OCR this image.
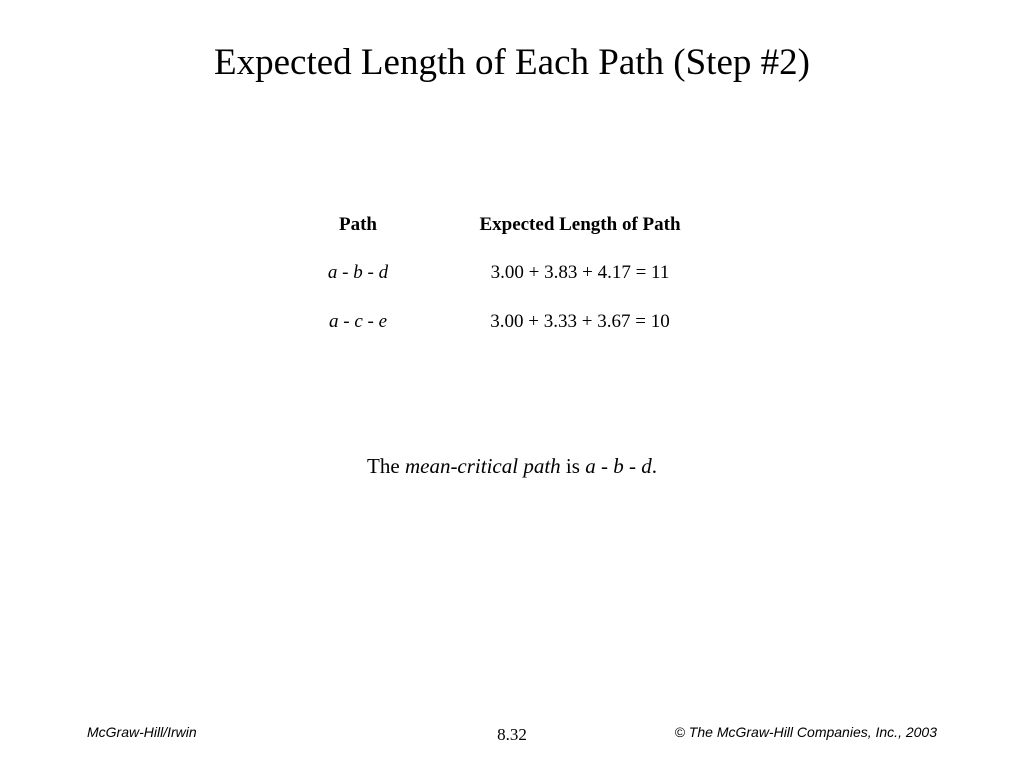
Expected Length of Each Path (Step #2)
Path	Expected Length of Path
a - b - d	3.00 + 3.83 + 4.17 = 11
a - c - e	3.00 + 3.33 + 3.67 = 10
The mean-critical path is a - b - d.
McGraw-Hill/Irwin	8.32	© The McGraw-Hill Companies, Inc., 2003
